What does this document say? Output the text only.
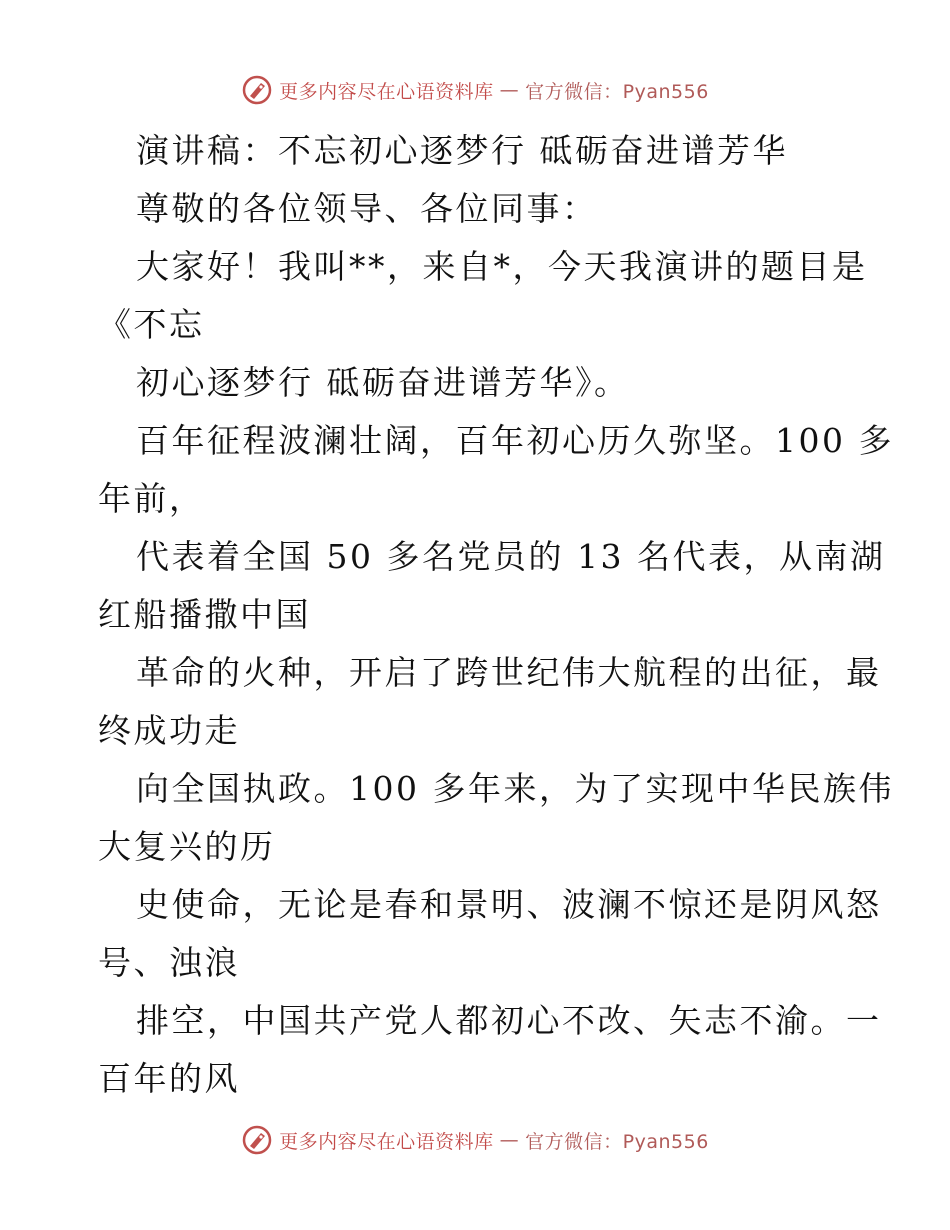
更多内容尽在心语资料库 — 官方微信：Pyan556
演讲稿：不忘初心逐梦行 砥砺奋进谱芳华
尊敬的各位领导、各位同事：
大家好！我叫**，来自*，今天我演讲的题目是
《不忘
初心逐梦行 砥砺奋进谱芳华》。
百年征程波澜壮阔，百年初心历久弥坚。100 多
年前，
代表着全国 50 多名党员的 13 名代表，从南湖
红船播撒中国
革命的火种，开启了跨世纪伟大航程的出征，最
终成功走
向全国执政。100 多年来，为了实现中华民族伟
大复兴的历
史使命，无论是春和景明、波澜不惊还是阴风怒
号、浊浪
排空，中国共产党人都初心不改、矢志不渝。一
百年的风
更多内容尽在心语资料库 — 官方微信：Pyan556
